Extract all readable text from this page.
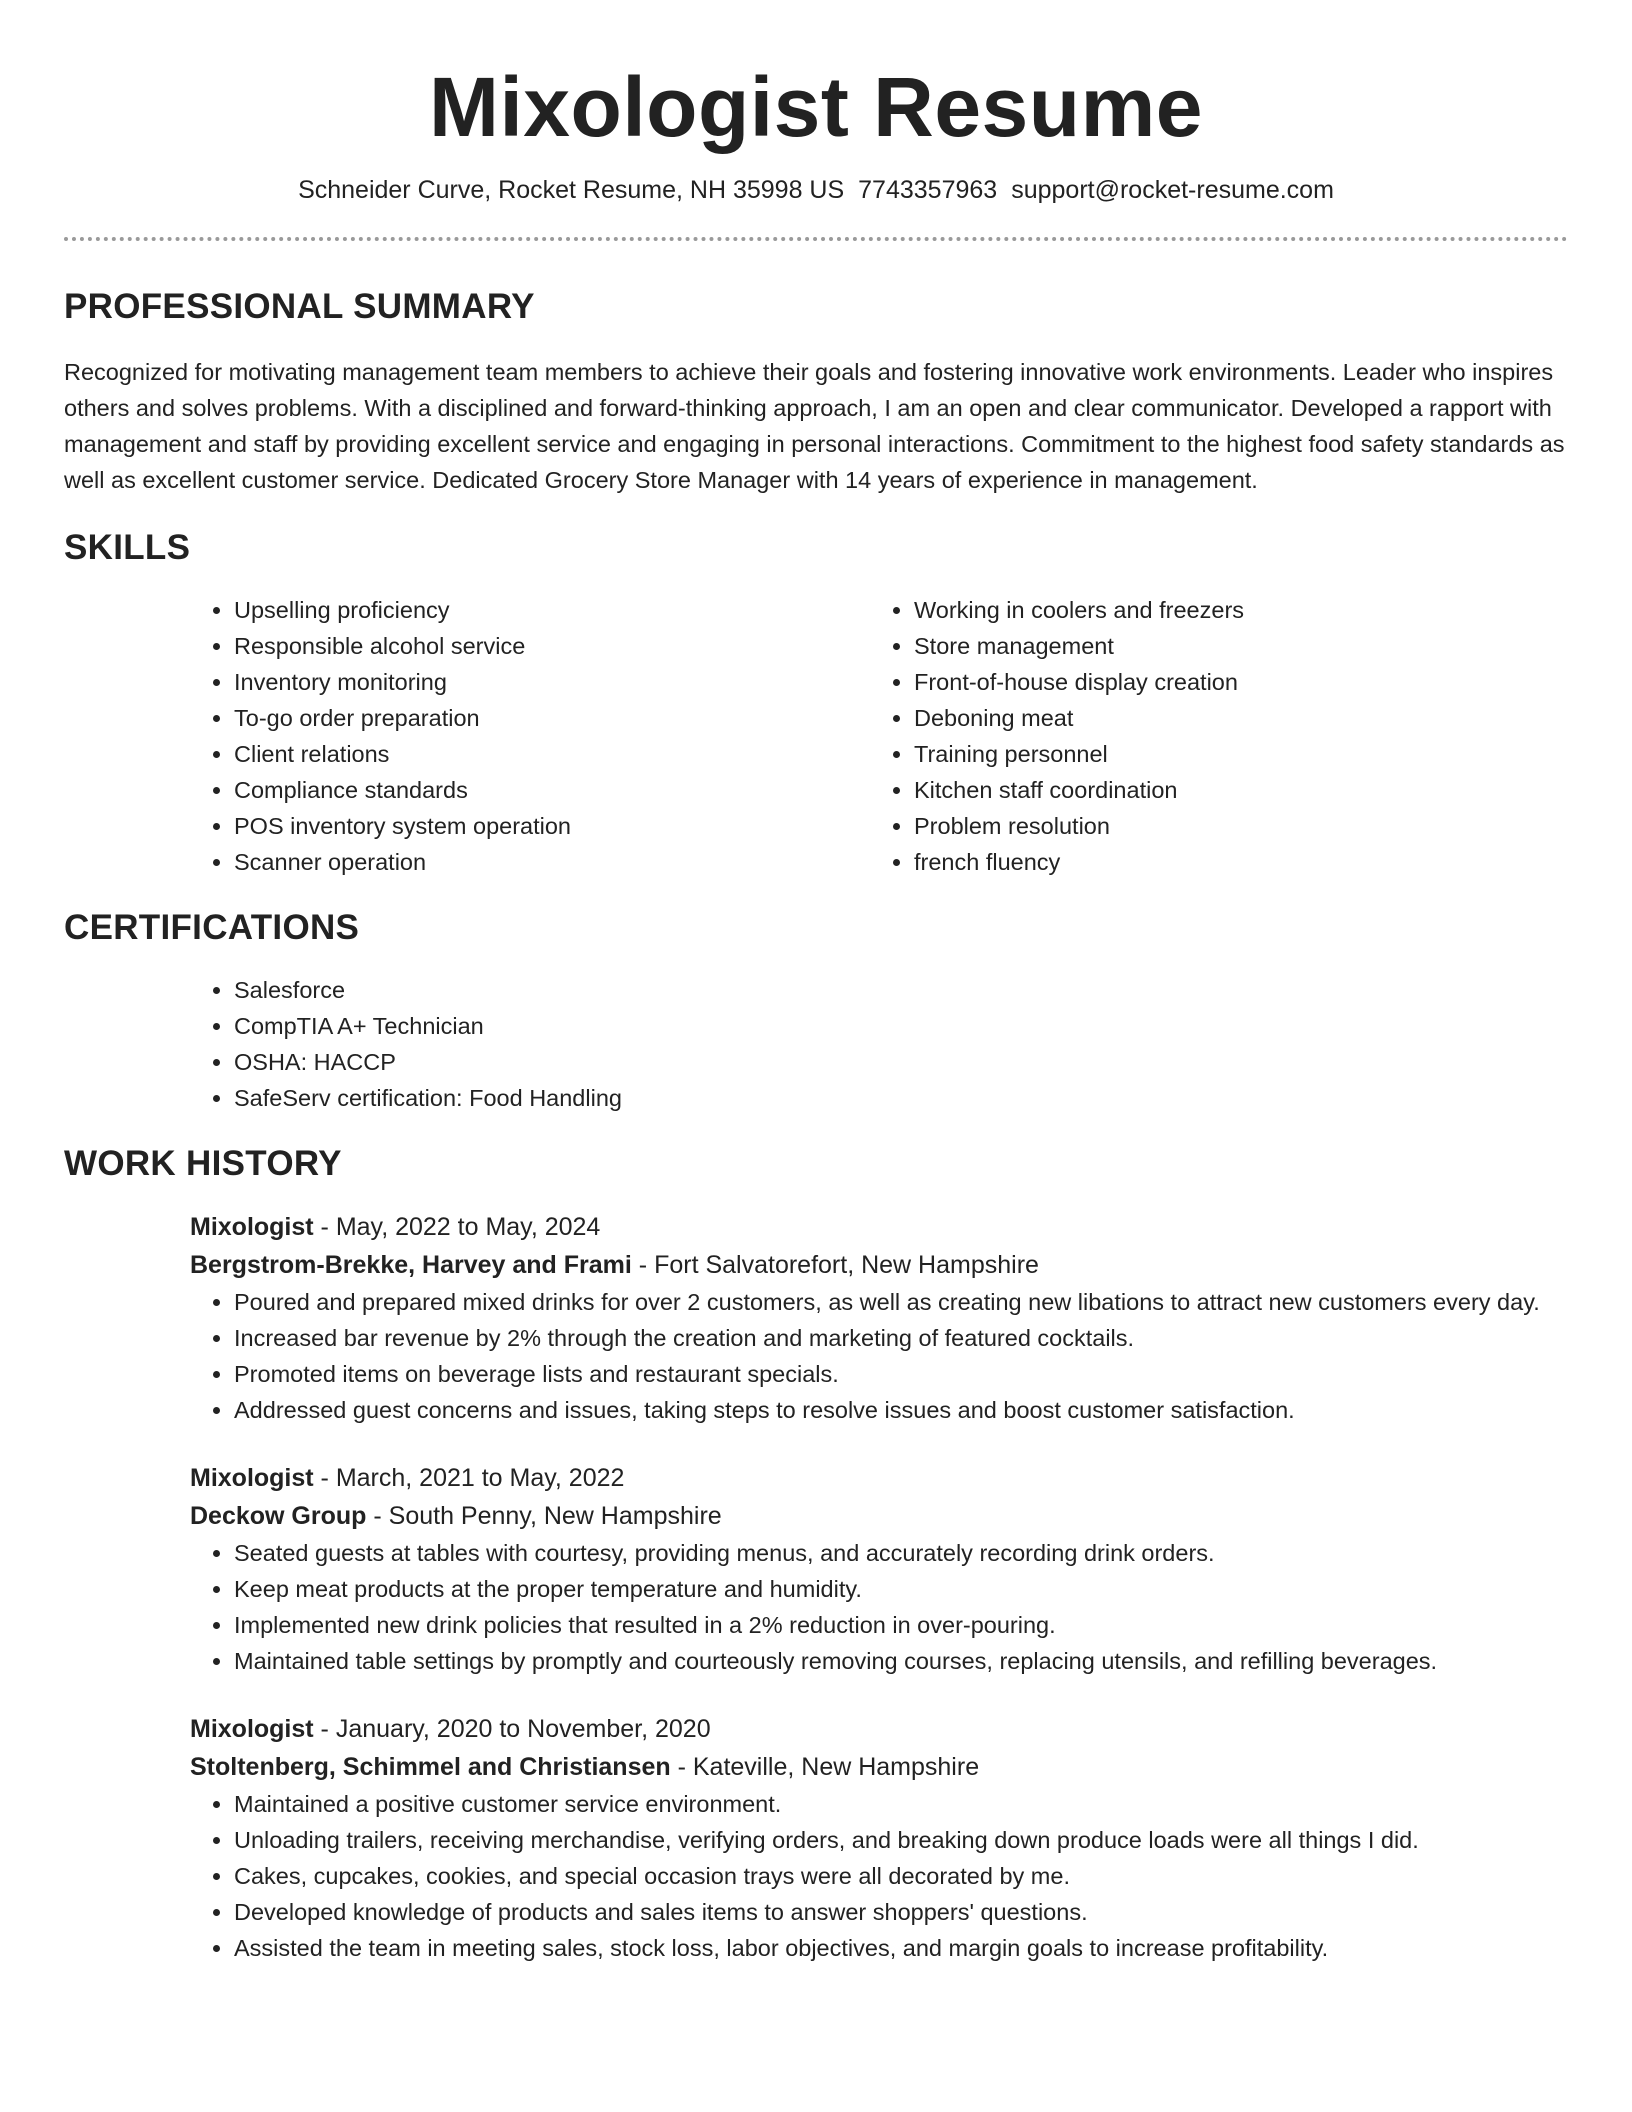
Mixologist Resume
Schneider Curve, Rocket Resume, NH 35998 US 7743357963 support@rocket-resume.com
PROFESSIONAL SUMMARY

Recognized for motivating management team members to achieve their goals and fostering innovative work environments. Leader who inspires others and solves problems. With a disciplined and forward-thinking approach, I am an open and clear communicator. Developed a rapport with management and staff by providing excellent service and engaging in personal interactions. Commitment to the highest food safety standards as well as excellent customer service. Dedicated Grocery Store Manager with 14 years of experience in management.

SKILLS
• Upselling proficiency
• Responsible alcohol service
• Inventory monitoring
• To-go order preparation
• Client relations
• Compliance standards
• POS inventory system operation
• Scanner operation
• Working in coolers and freezers
• Store management
• Front-of-house display creation
• Deboning meat
• Training personnel
• Kitchen staff coordination
• Problem resolution
• french fluency
CERTIFICATIONS
• Salesforce
• CompTIA A+ Technician
• OSHA: HACCP
• SafeServ certification: Food Handling
WORK HISTORY
Mixologist - May, 2022 to May, 2024
Bergstrom-Brekke, Harvey and Frami - Fort Salvatorefort, New Hampshire
• Poured and prepared mixed drinks for over 2 customers, as well as creating new libations to attract new customers every day.
• Increased bar revenue by 2% through the creation and marketing of featured cocktails.
• Promoted items on beverage lists and restaurant specials.
• Addressed guest concerns and issues, taking steps to resolve issues and boost customer satisfaction.
Mixologist - March, 2021 to May, 2022
Deckow Group - South Penny, New Hampshire
• Seated guests at tables with courtesy, providing menus, and accurately recording drink orders.
• Keep meat products at the proper temperature and humidity.
• Implemented new drink policies that resulted in a 2% reduction in over-pouring.
• Maintained table settings by promptly and courteously removing courses, replacing utensils, and refilling beverages.
Mixologist - January, 2020 to November, 2020
Stoltenberg, Schimmel and Christiansen - Kateville, New Hampshire
• Maintained a positive customer service environment.
• Unloading trailers, receiving merchandise, verifying orders, and breaking down produce loads were all things I did.
• Cakes, cupcakes, cookies, and special occasion trays were all decorated by me.
• Developed knowledge of products and sales items to answer shoppers' questions.
• Assisted the team in meeting sales, stock loss, labor objectives, and margin goals to increase profitability.
